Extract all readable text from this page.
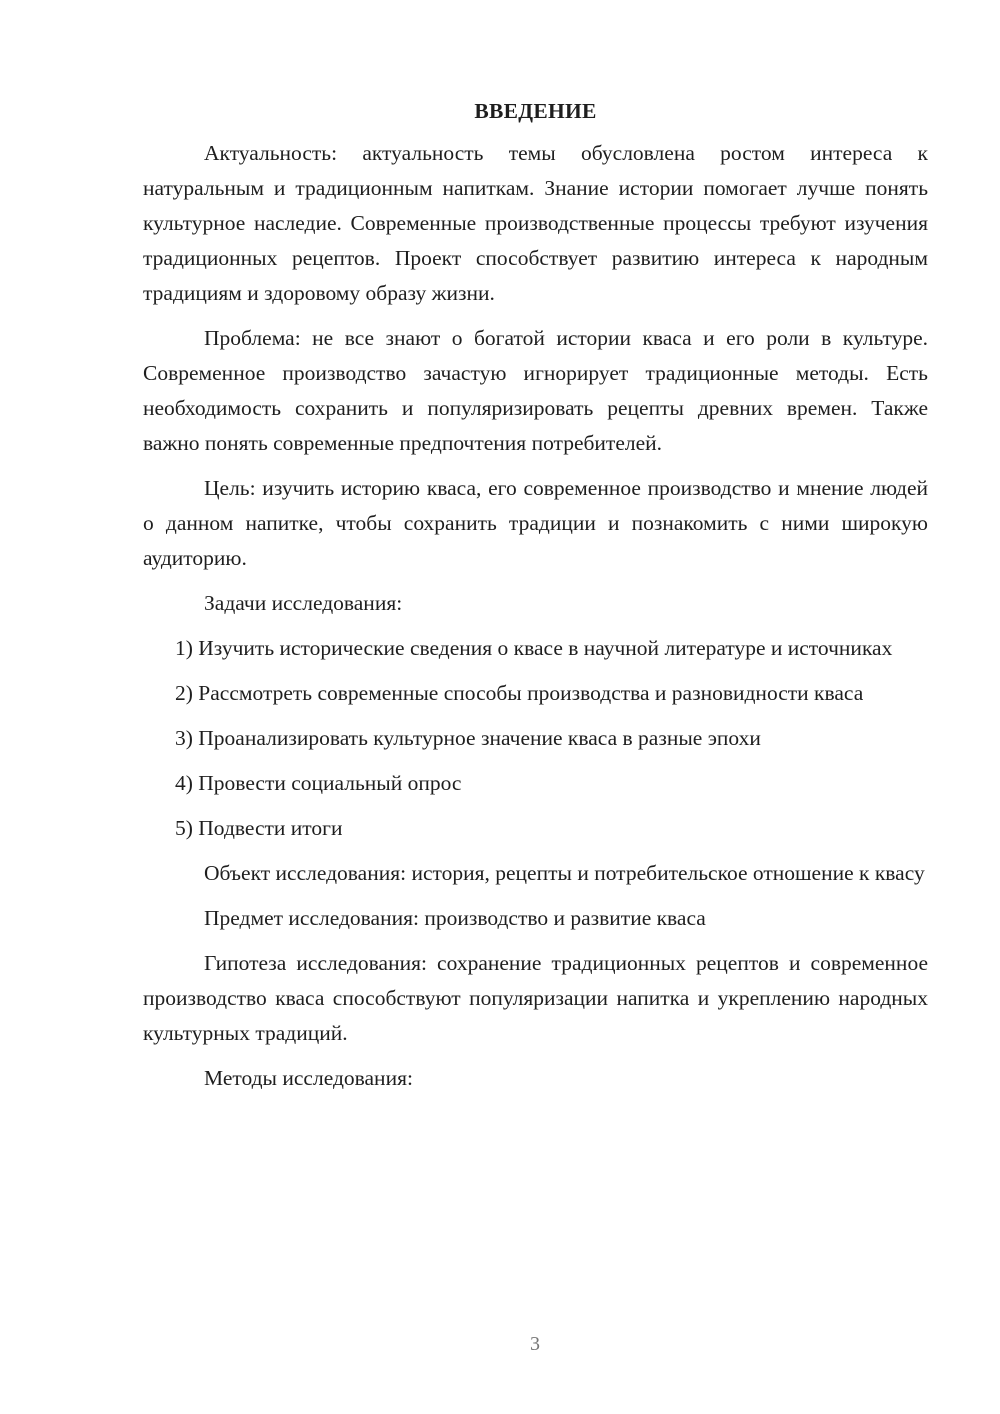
ВВЕДЕНИЕ

Актуальность: актуальность темы обусловлена ростом интереса к натуральным и традиционным напиткам. Знание истории помогает лучше понять культурное наследие. Современные производственные процессы требуют изучения традиционных рецептов. Проект способствует развитию интереса к народным традициям и здоровому образу жизни.

Проблема: не все знают о богатой истории кваса и его роли в культуре. Современное производство зачастую игнорирует традиционные методы. Есть необходимость сохранить и популяризировать рецепты древних времен. Также важно понять современные предпочтения потребителей.

Цель: изучить историю кваса, его современное производство и мнение людей о данном напитке, чтобы сохранить традиции и познакомить с ними широкую аудиторию.

Задачи исследования:

1) Изучить исторические сведения о квасе в научной литературе и источниках

2) Рассмотреть современные способы производства и разновидности кваса

3) Проанализировать культурное значение кваса в разные эпохи

4) Провести социальный опрос

5) Подвести итоги

Объект исследования: история, рецепты и потребительское отношение к квасу

Предмет исследования: производство и развитие кваса

Гипотеза исследования: сохранение традиционных рецептов и современное производство кваса способствуют популяризации напитка и укреплению народных культурных традиций.

Методы исследования:

3
